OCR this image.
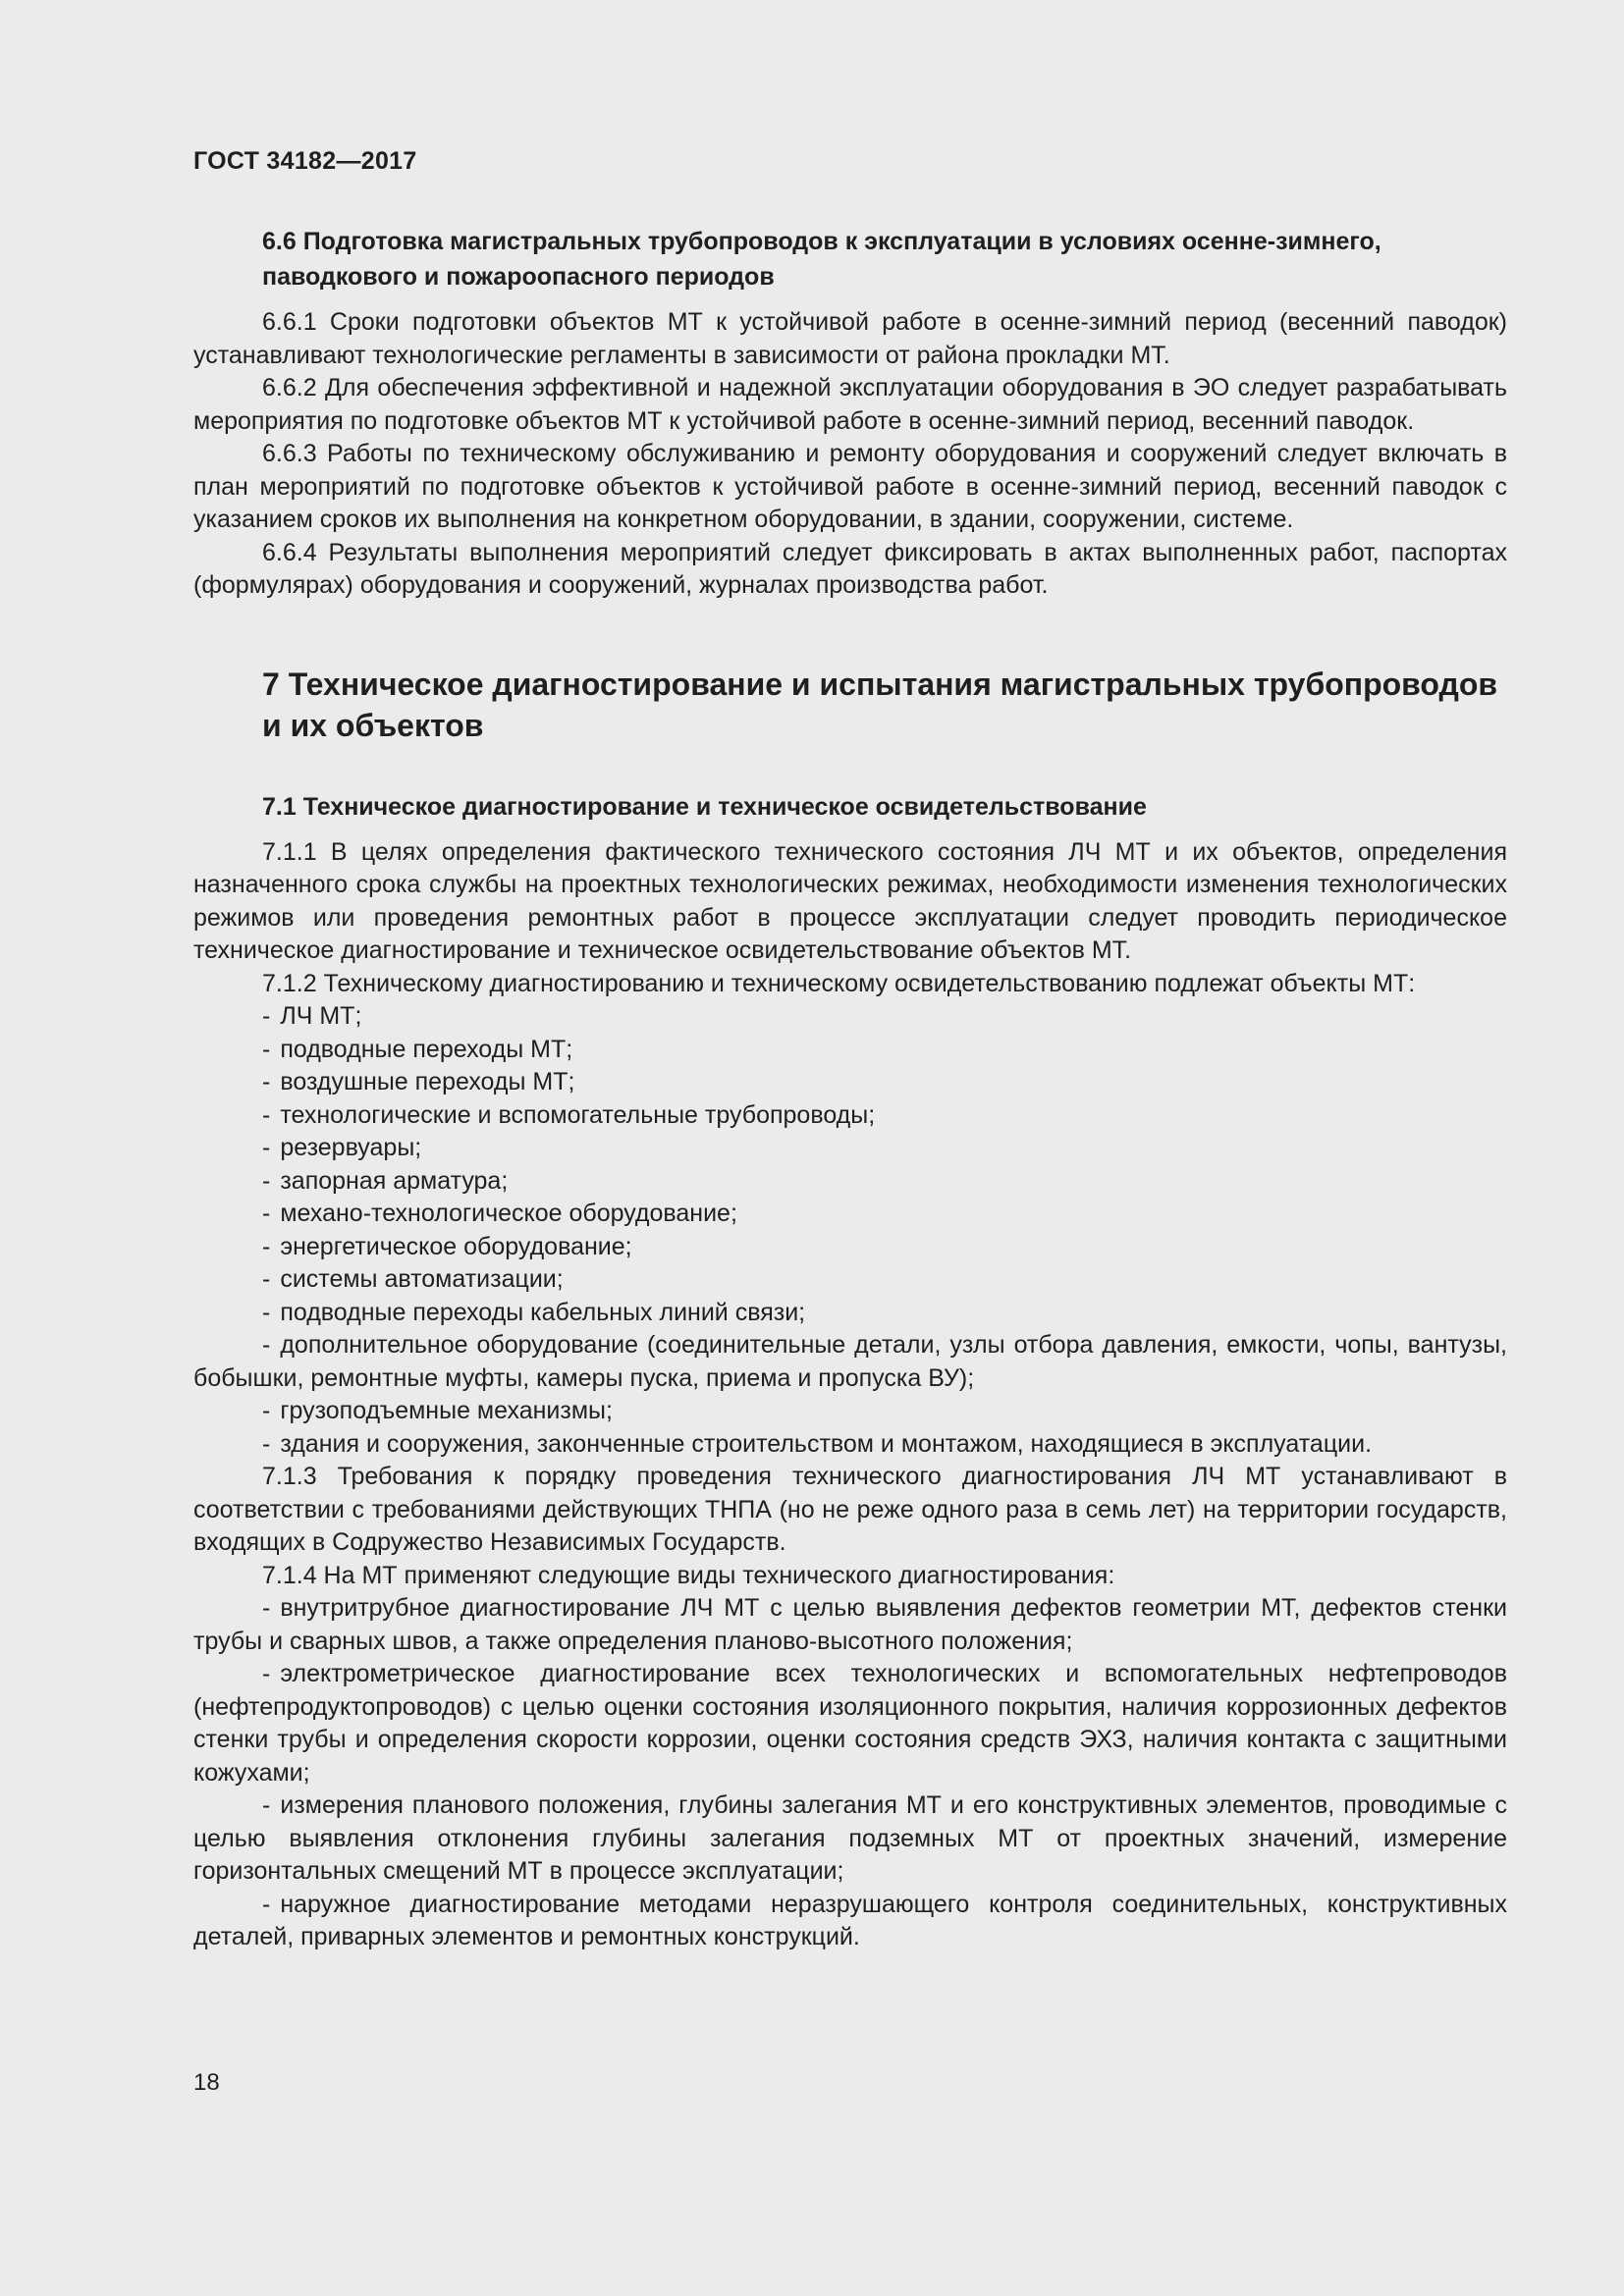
ГОСТ 34182—2017

6.6 Подготовка магистральных трубопроводов к эксплуатации в условиях осенне-зимнего, паводкового и пожароопасного периодов

6.6.1 Сроки подготовки объектов МТ к устойчивой работе в осенне-зимний период (весенний паводок) устанавливают технологические регламенты в зависимости от района прокладки МТ.

6.6.2 Для обеспечения эффективной и надежной эксплуатации оборудования в ЭО следует разрабатывать мероприятия по подготовке объектов МТ к устойчивой работе в осенне-зимний период, весенний паводок.

6.6.3 Работы по техническому обслуживанию и ремонту оборудования и сооружений следует включать в план мероприятий по подготовке объектов к устойчивой работе в осенне-зимний период, весенний паводок с указанием сроков их выполнения на конкретном оборудовании, в здании, сооружении, системе.

6.6.4 Результаты выполнения мероприятий следует фиксировать в актах выполненных работ, паспортах (формулярах) оборудования и сооружений, журналах производства работ.

7 Техническое диагностирование и испытания магистральных трубопроводов и их объектов

7.1 Техническое диагностирование и техническое освидетельствование

7.1.1 В целях определения фактического технического состояния ЛЧ МТ и их объектов, определения назначенного срока службы на проектных технологических режимах, необходимости изменения технологических режимов или проведения ремонтных работ в процессе эксплуатации следует проводить периодическое техническое диагностирование и техническое освидетельствование объектов МТ.

7.1.2 Техническому диагностированию и техническому освидетельствованию подлежат объекты МТ:

- ЛЧ МТ;

- подводные переходы МТ;

- воздушные переходы МТ;

- технологические и вспомогательные трубопроводы;

- резервуары;

- запорная арматура;

- механо-технологическое оборудование;

- энергетическое оборудование;

- системы автоматизации;

- подводные переходы кабельных линий связи;

- дополнительное оборудование (соединительные детали, узлы отбора давления, емкости, чопы, вантузы, бобышки, ремонтные муфты, камеры пуска, приема и пропуска ВУ);

- грузоподъемные механизмы;

- здания и сооружения, законченные строительством и монтажом, находящиеся в эксплуатации.

7.1.3 Требования к порядку проведения технического диагностирования ЛЧ МТ устанавливают в соответствии с требованиями действующих ТНПА (но не реже одного раза в семь лет) на территории государств, входящих в Содружество Независимых Государств.

7.1.4 На МТ применяют следующие виды технического диагностирования:

- внутритрубное диагностирование ЛЧ МТ с целью выявления дефектов геометрии МТ, дефектов стенки трубы и сварных швов, а также определения планово-высотного положения;

- электрометрическое диагностирование всех технологических и вспомогательных нефтепроводов (нефтепродуктопроводов) с целью оценки состояния изоляционного покрытия, наличия коррозионных дефектов стенки трубы и определения скорости коррозии, оценки состояния средств ЭХЗ, наличия контакта с защитными кожухами;

- измерения планового положения, глубины залегания МТ и его конструктивных элементов, проводимые с целью выявления отклонения глубины залегания подземных МТ от проектных значений, измерение горизонтальных смещений МТ в процессе эксплуатации;

- наружное диагностирование методами неразрушающего контроля соединительных, конструктивных деталей, приварных элементов и ремонтных конструкций.

18
